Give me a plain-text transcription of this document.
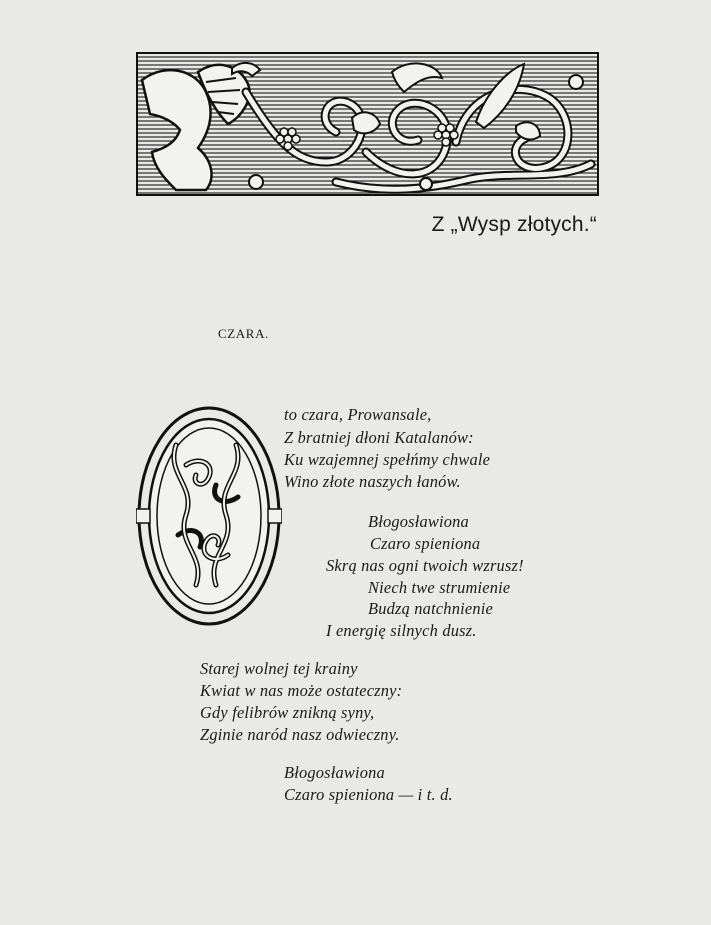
Z „Wysp złotych.“
CZARA.
to czara, Prowansale,
Z bratniej dłoni Katalanów:
Ku wzajemnej spełńmy chwale
Wino złote naszych łanów.
Błogosławiona
Czaro spieniona
Skrą nas ogni twoich wzrusz!
Niech twe strumienie
Budzą natchnienie
I energię silnych dusz.
Starej wolnej tej krainy
Kwiat w nas może ostateczny:
Gdy felibrów znikną syny,
Zginie naród nasz odwieczny.
Błogosławiona
Czaro spieniona — i t. d.
